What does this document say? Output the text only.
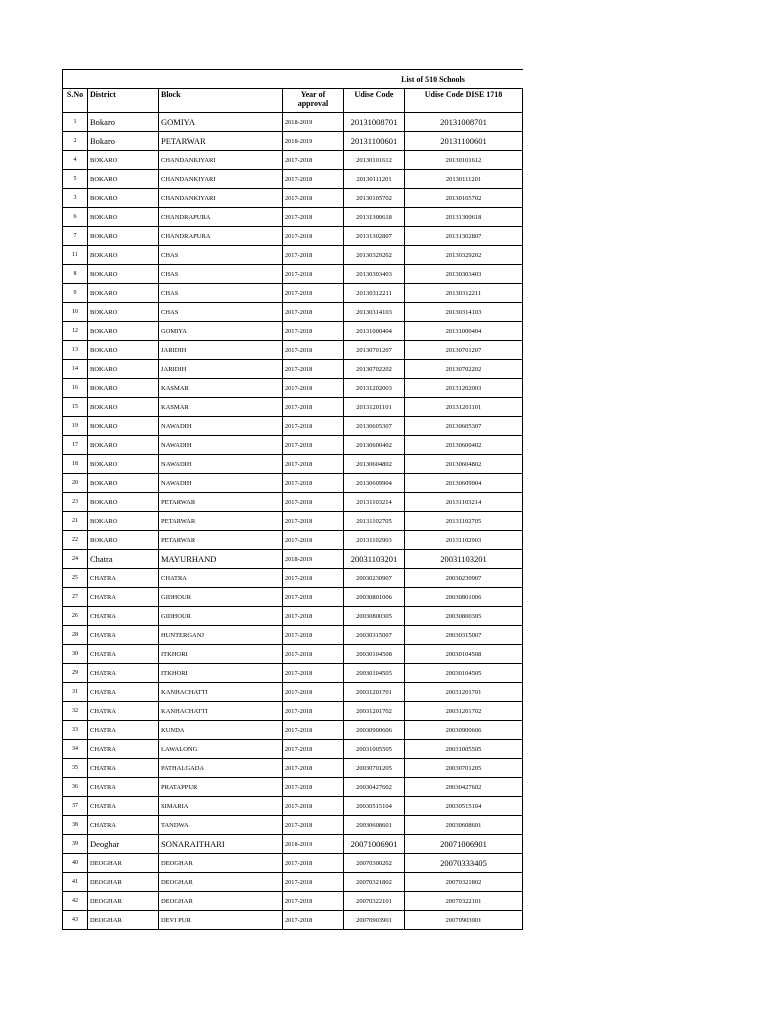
				List of 510 Schools	
S.No	District	Block	Year of
approval	Udise Code	Udise Code DISE 1718
1	Bokaro	GOMIYA	2018-2019	20131008701	20131008701
2	Bokaro	PETARWAR	2018-2019	20131100601	20131100601
4	BOKARO	CHANDANKIYARI	2017-2018	20130101612	20130101612
5	BOKARO	CHANDANKIYARI	2017-2018	20130111201	20130111201
3	BOKARO	CHANDANKIYARI	2017-2018	20130105702	20130105702
6	BOKARO	CHANDRAPURA	2017-2018	20131300618	20131300618
7	BOKARO	CHANDRAPURA	2017-2018	20131302807	20131302807
11	BOKARO	CHAS	2017-2018	20130329202	20130329202
8	BOKARO	CHAS	2017-2018	20130303403	20130303403
9	BOKARO	CHAS	2017-2018	20130312211	20130312211
10	BOKARO	CHAS	2017-2018	20130314103	20130314103
12	BOKARO	GOMIYA	2017-2018	20131000404	20131000404
13	BOKARO	JARIDIH	2017-2018	20130701207	20130701207
14	BOKARO	JARIDIH	2017-2018	20130702202	20130702202
16	BOKARO	KASMAR	2017-2018	20131202003	20131202003
15	BOKARO	KASMAR	2017-2018	20131201101	20131201101
19	BOKARO	NAWADIH	2017-2018	20130605307	20130605307
17	BOKARO	NAWADIH	2017-2018	20130600402	20130600402
18	BOKARO	NAWADIH	2017-2018	20130604802	20130604802
20	BOKARO	NAWADIH	2017-2018	20130609904	20130609904
23	BOKARO	PETARWAR	2017-2018	20131103214	20131103214
21	BOKARO	PETARWAR	2017-2018	20131102705	20131102705
22	BOKARO	PETARWAR	2017-2018	20131102903	20131102903
24	Chatra	MAYURHAND	2018-2019	20031103201	20031103201
25	CHATRA	CHATRA	2017-2018	20030230907	20030230907
27	CHATRA	GIDHOUR	2017-2018	20030801006	20030801006
26	CHATRA	GIDHOUR	2017-2018	20030800305	20030800305
28	CHATRA	HUNTERGANJ	2017-2018	20030315007	20030315007
30	CHATRA	ITKHORI	2017-2018	20030104508	20030104508
29	CHATRA	ITKHORI	2017-2018	20030104505	20030104505
31	CHATRA	KANHACHATTI	2017-2018	20031201701	20031201701
32	CHATRA	KANHACHATTI	2017-2018	20031201702	20031201702
33	CHATRA	KUNDA	2017-2018	20030900606	20030900606
34	CHATRA	LAWALONG	2017-2018	20031005505	20031005505
35	CHATRA	PATHALGADA	2017-2018	20030701205	20030701205
36	CHATRA	PRATAPPUR	2017-2018	20030427602	20030427602
37	CHATRA	SIMARIA	2017-2018	20030515104	20030515104
38	CHATRA	TANDWA	2017-2018	20030608601	20030608601
39	Deoghar	SONARAITHARI	2018-2019	20071006901	20071006901
40	DEOGHAR	DEOGHAR	2017-2018	20070300202	20070333405
41	DEOGHAR	DEOGHAR	2017-2018	20070321802	20070321802
42	DEOGHAR	DEOGHAR	2017-2018	20070322101	20070322101
43	DEOGHAR	DEVI PUR	2017-2018	20070903901	20070903901
